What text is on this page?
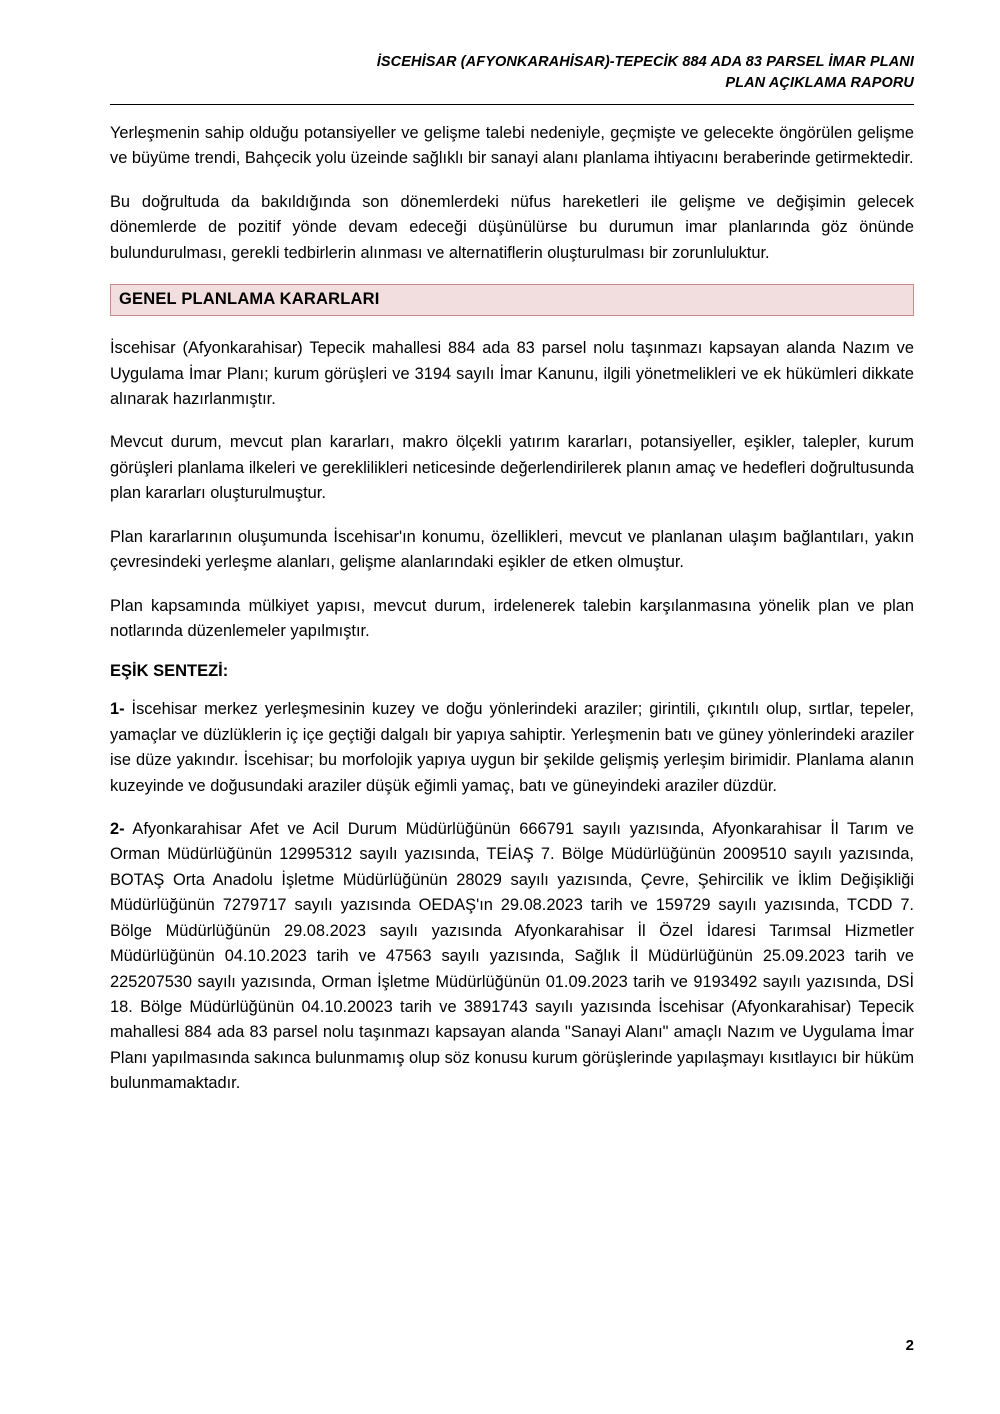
İSCEHİSAR (AFYONKARAHİSAR)-TEPECİK 884 ADA 83 PARSEL İMAR PLANI
PLAN AÇIKLAMA RAPORU

Yerleşmenin sahip olduğu potansiyeller ve gelişme talebi nedeniyle, geçmişte ve gelecekte öngörülen gelişme ve büyüme trendi, Bahçecik yolu üzeinde sağlıklı bir sanayi alanı planlama ihtiyacını beraberinde getirmektedir.

Bu doğrultuda da bakıldığında son dönemlerdeki nüfus hareketleri ile gelişme ve değişimin gelecek dönemlerde de pozitif yönde devam edeceği düşünülürse bu durumun imar planlarında göz önünde bulundurulması, gerekli tedbirlerin alınması ve alternatiflerin oluşturulması bir zorunluluktur.

GENEL PLANLAMA KARARLARI

İscehisar (Afyonkarahisar) Tepecik mahallesi 884 ada 83 parsel nolu taşınmazı kapsayan alanda Nazım ve Uygulama İmar Planı; kurum görüşleri ve 3194 sayılı İmar Kanunu, ilgili yönetmelikleri ve ek hükümleri dikkate alınarak hazırlanmıştır.

Mevcut durum, mevcut plan kararları, makro ölçekli yatırım kararları, potansiyeller, eşikler, talepler, kurum görüşleri planlama ilkeleri ve gereklilikleri neticesinde değerlendirilerek planın amaç ve hedefleri doğrultusunda plan kararları oluşturulmuştur.

Plan kararlarının oluşumunda İscehisar'ın konumu, özellikleri, mevcut ve planlanan ulaşım bağlantıları, yakın çevresindeki yerleşme alanları, gelişme alanlarındaki eşikler de etken olmuştur.

Plan kapsamında mülkiyet yapısı, mevcut durum, irdelenerek talebin karşılanmasına yönelik plan ve plan notlarında düzenlemeler yapılmıştır.

EŞİK SENTEZİ:

1- İscehisar merkez yerleşmesinin kuzey ve doğu yönlerindeki araziler; girintili, çıkıntılı olup, sırtlar, tepeler, yamaçlar ve düzlüklerin iç içe geçtiği dalgalı bir yapıya sahiptir. Yerleşmenin batı ve güney yönlerindeki araziler ise düze yakındır. İscehisar; bu morfolojik yapıya uygun bir şekilde gelişmiş yerleşim birimidir. Planlama alanın kuzeyinde ve doğusundaki araziler düşük eğimli yamaç, batı ve güneyindeki araziler düzdür.

2- Afyonkarahisar Afet ve Acil Durum Müdürlüğünün 666791 sayılı yazısında, Afyonkarahisar İl Tarım ve Orman Müdürlüğünün 12995312 sayılı yazısında, TEİAŞ 7. Bölge Müdürlüğünün 2009510 sayılı yazısında, BOTAŞ Orta Anadolu İşletme Müdürlüğünün 28029 sayılı yazısında, Çevre, Şehircilik ve İklim Değişikliği Müdürlüğünün 7279717 sayılı yazısında OEDAŞ'ın 29.08.2023 tarih ve 159729 sayılı yazısında, TCDD 7. Bölge Müdürlüğünün 29.08.2023 sayılı yazısında Afyonkarahisar İl Özel İdaresi Tarımsal Hizmetler Müdürlüğünün 04.10.2023 tarih ve 47563 sayılı yazısında, Sağlık İl Müdürlüğünün 25.09.2023 tarih ve 225207530 sayılı yazısında, Orman İşletme Müdürlüğünün 01.09.2023 tarih ve 9193492 sayılı yazısında, DSİ 18. Bölge Müdürlüğünün 04.10.20023 tarih ve 3891743 sayılı yazısında İscehisar (Afyonkarahisar) Tepecik mahallesi 884 ada 83 parsel nolu taşınmazı kapsayan alanda "Sanayi Alanı" amaçlı Nazım ve Uygulama İmar Planı yapılmasında sakınca bulunmamış olup söz konusu kurum görüşlerinde yapılaşmayı kısıtlayıcı bir hüküm bulunmamaktadır.

2
